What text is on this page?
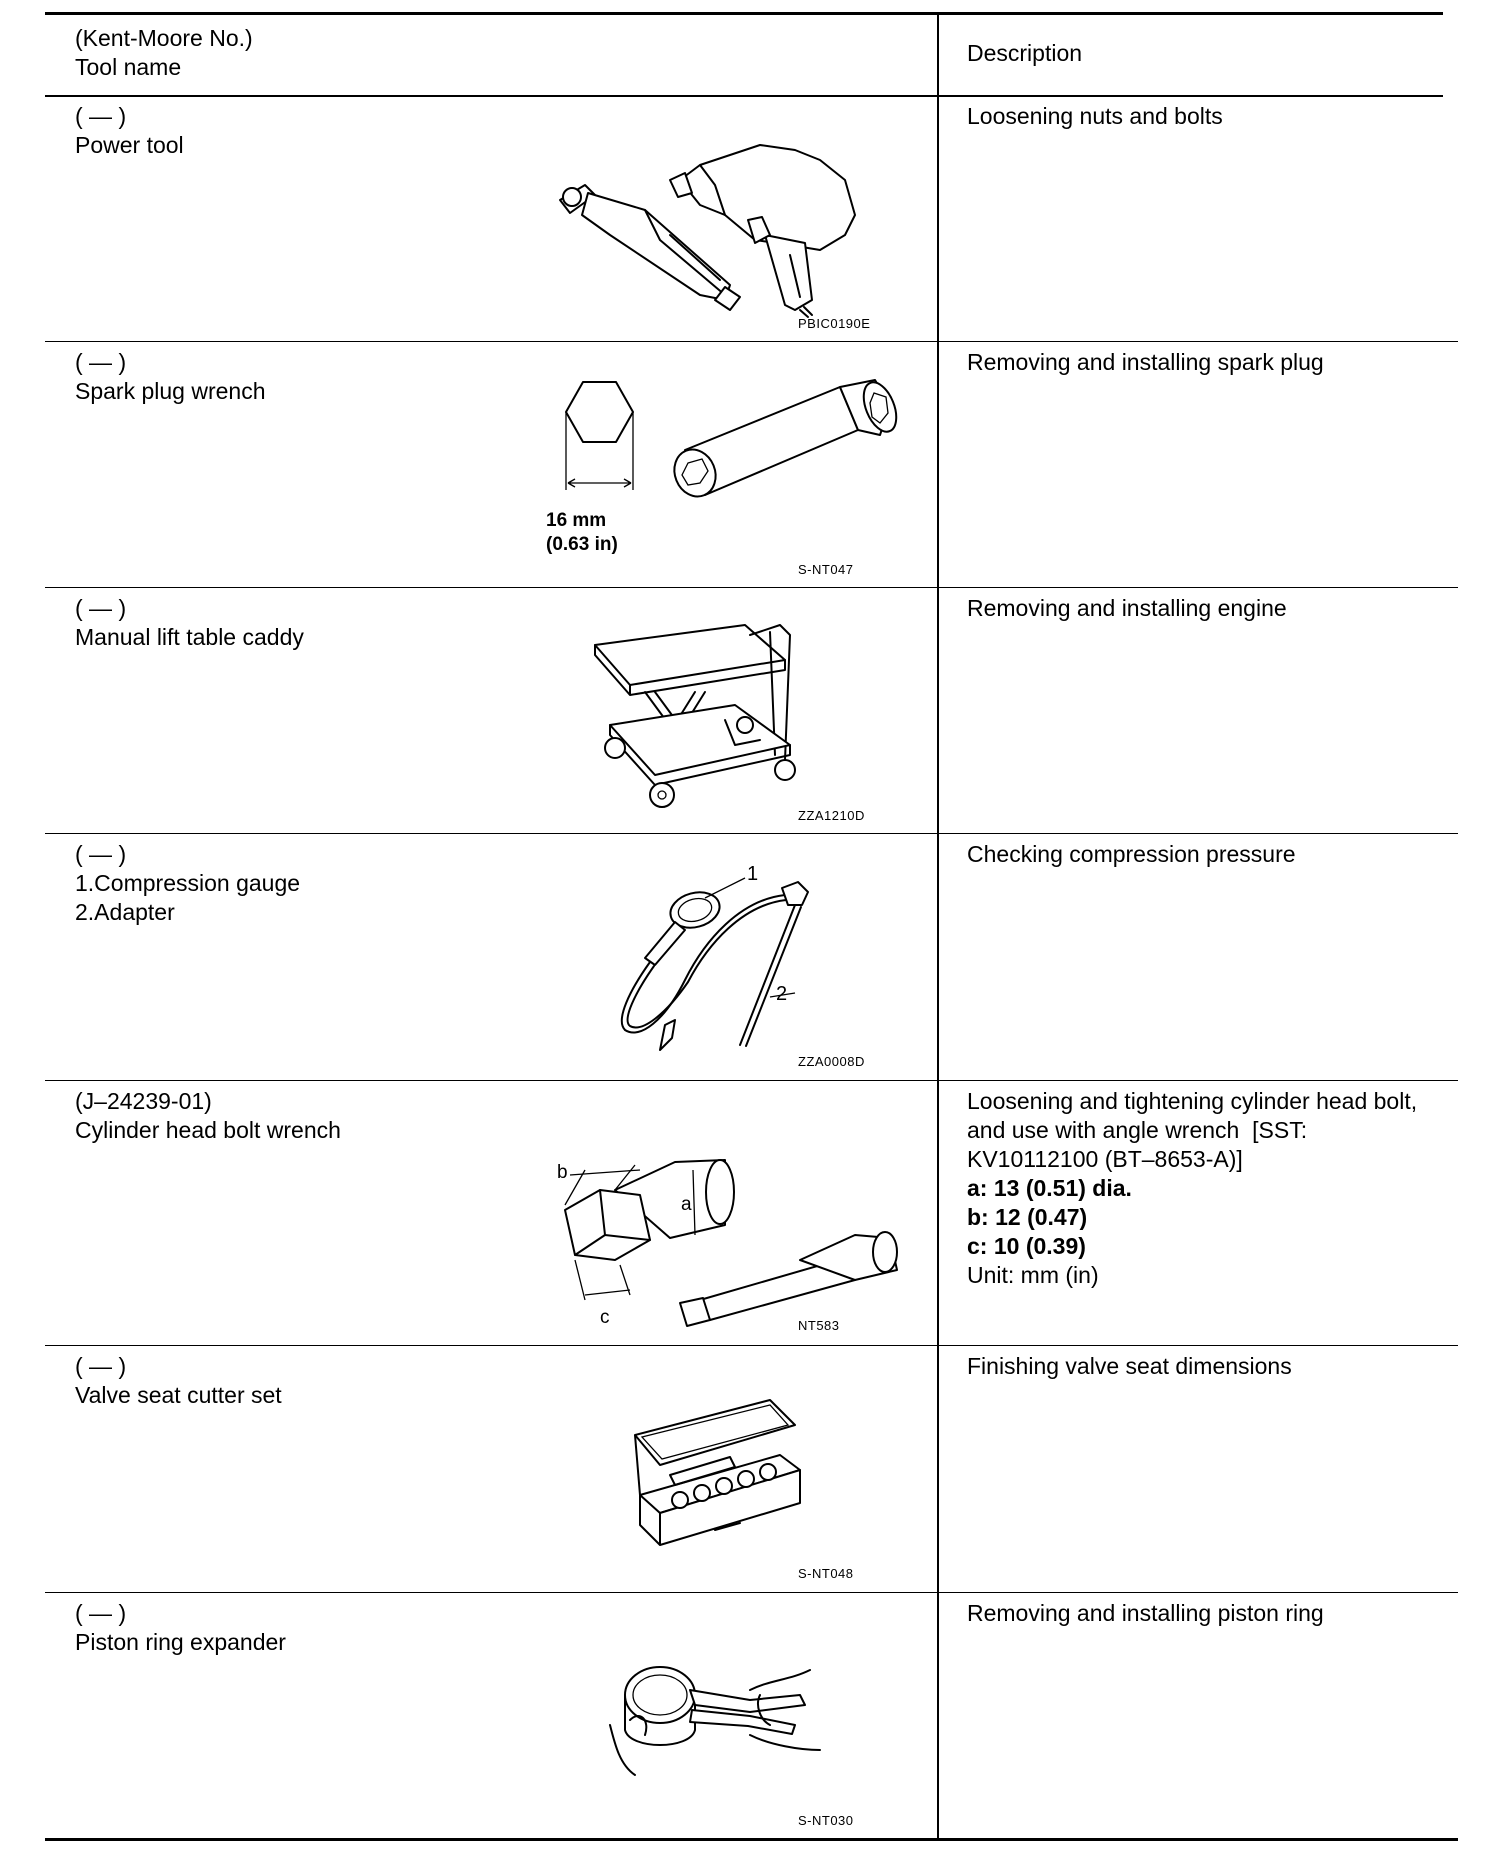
(Kent-Moore No.)
Tool name
Description
( — )
Power tool
Loosening nuts and bolts
PBIC0190E
( — )
Spark plug wrench
Removing and installing spark plug
S-NT047
16 mm
(0.63 in)
( — )
Manual lift table caddy
Removing and installing engine
ZZA1210D
( — )
1.Compression gauge
2.Adapter
Checking compression pressure
ZZA0008D
1
2
(J–24239-01)
Cylinder head bolt wrench
Loosening and tightening cylinder head bolt,
and use with angle wrench  [SST:
KV10112100 (BT–8653-A)]
a: 13 (0.51) dia.
b: 12 (0.47)
c: 10 (0.39)
Unit: mm (in)
NT583
b
a
c
( — )
Valve seat cutter set
Finishing valve seat dimensions
S-NT048
( — )
Piston ring expander
Removing and installing piston ring
S-NT030
